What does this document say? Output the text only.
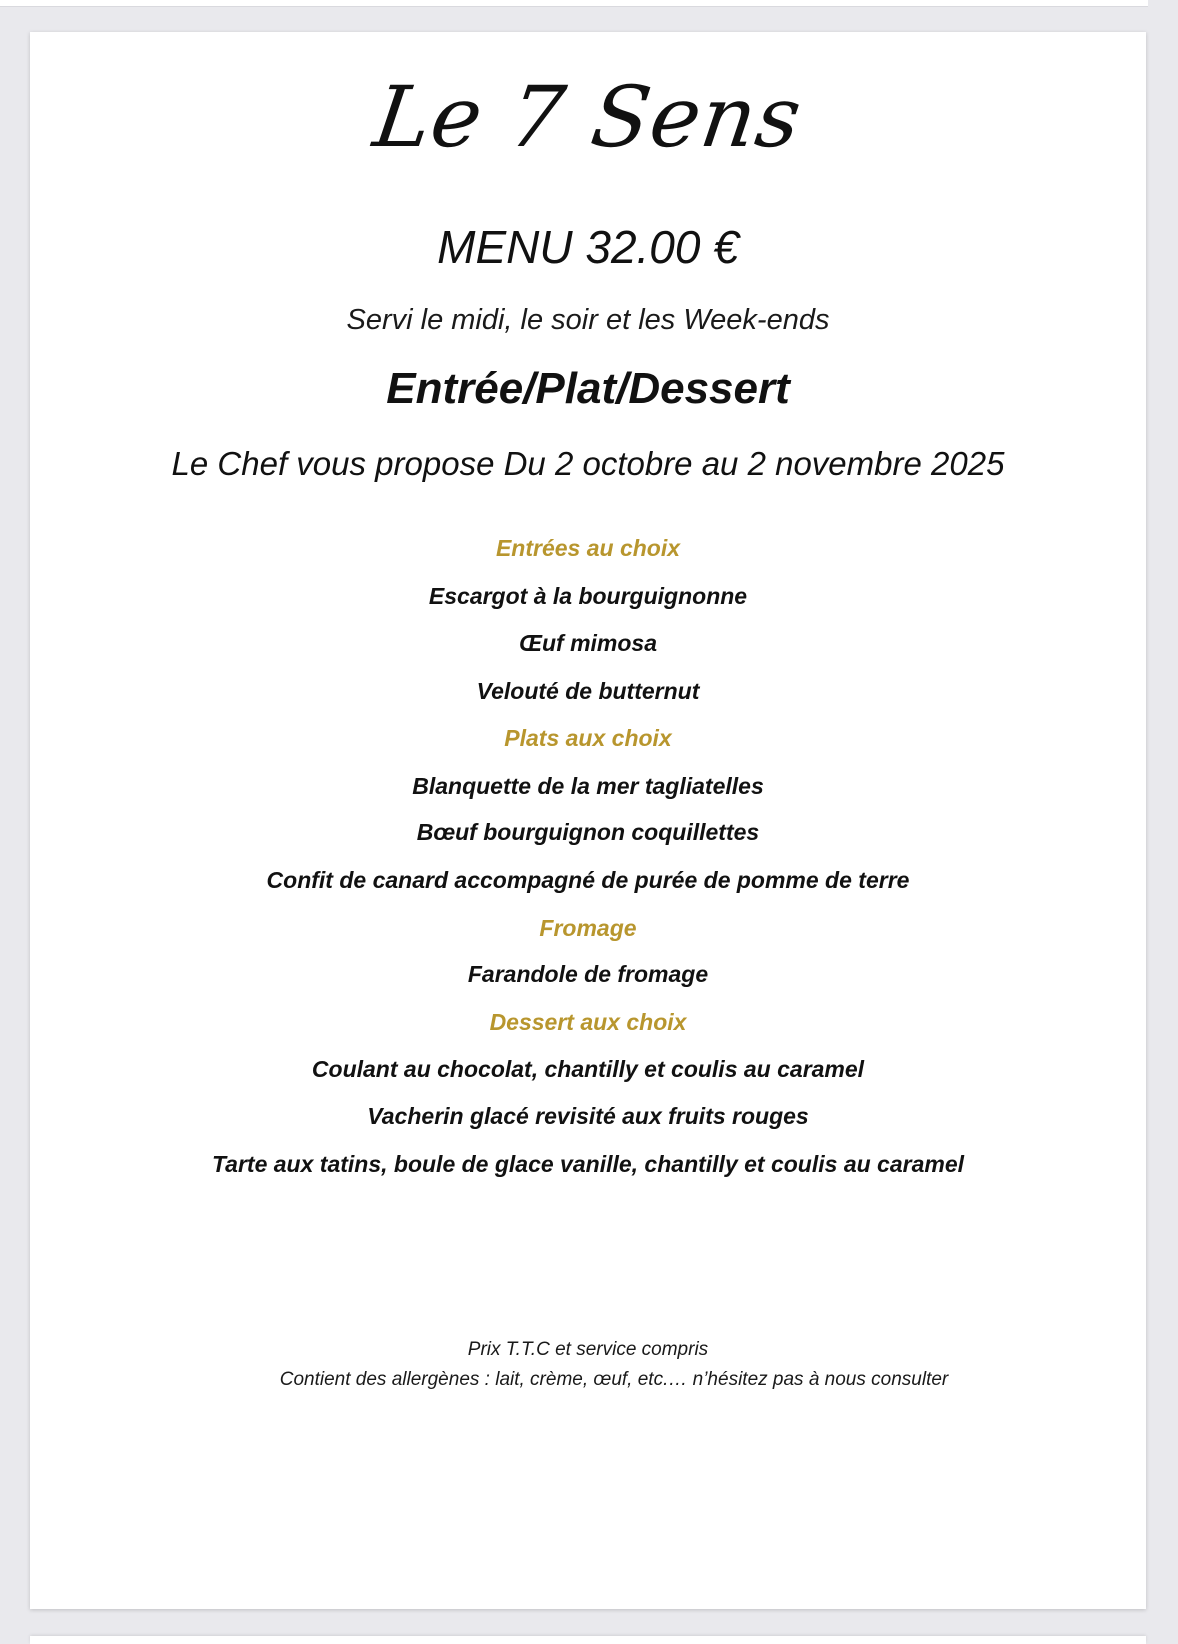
Le 7 Sens
MENU 32.00 €
Servi le midi, le soir et les Week-ends
Entrée/Plat/Dessert
Le Chef vous propose Du 2 octobre au 2 novembre 2025
Entrées au choix
Escargot à la bourguignonne
Œuf mimosa
Velouté de butternut
Plats aux choix
Blanquette de la mer tagliatelles
Bœuf bourguignon coquillettes
Confit de canard accompagné de purée de pomme de terre
Fromage
Farandole de fromage
Dessert aux choix
Coulant au chocolat, chantilly et coulis au caramel
Vacherin glacé revisité aux fruits rouges
Tarte aux tatins, boule de glace vanille, chantilly et coulis au caramel
Prix T.T.C et service compris
Contient des allergènes : lait, crème, œuf, etc.… n’hésitez pas à nous consulter
